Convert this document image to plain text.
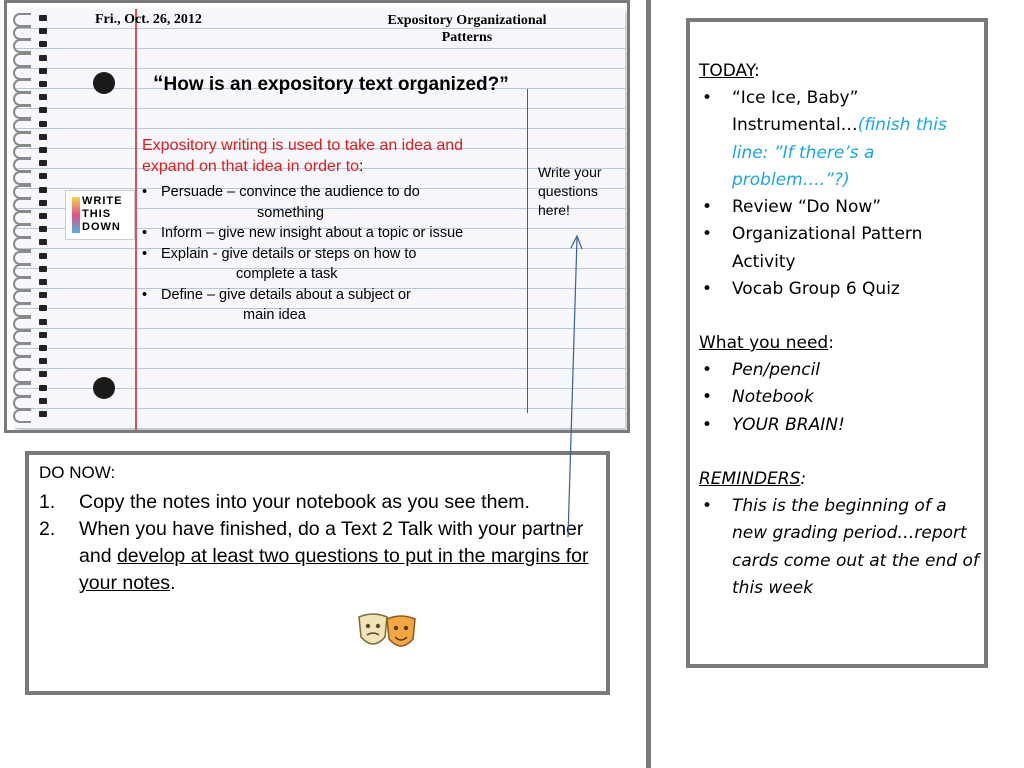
Fri., Oct. 26, 2012	Expository Organizational Patterns
“How is an expository text organized?”
WRITE THIS DOWN
Expository writing is used to take an idea and expand on that idea in order to:
• Persuade – convince the audience to do
something
• Inform – give new insight about a topic or issue
• Explain - give details or steps on how to
complete a task
• Define – give details about a subject or
main idea
Write your questions here!
DO NOW:
1. Copy the notes into your notebook as you see them.
2. When you have finished, do a Text 2 Talk with your partner and develop at least two questions to put in the margins for your notes.
TODAY:
• “Ice Ice, Baby” Instrumental…(finish this line: ”If there’s a problem….”?)
• Review “Do Now”
• Organizational Pattern Activity
• Vocab Group 6 Quiz
What you need:
• Pen/pencil
• Notebook
• YOUR BRAIN!
REMINDERS:
• This is the beginning of a new grading period…report cards come out at the end of this week
